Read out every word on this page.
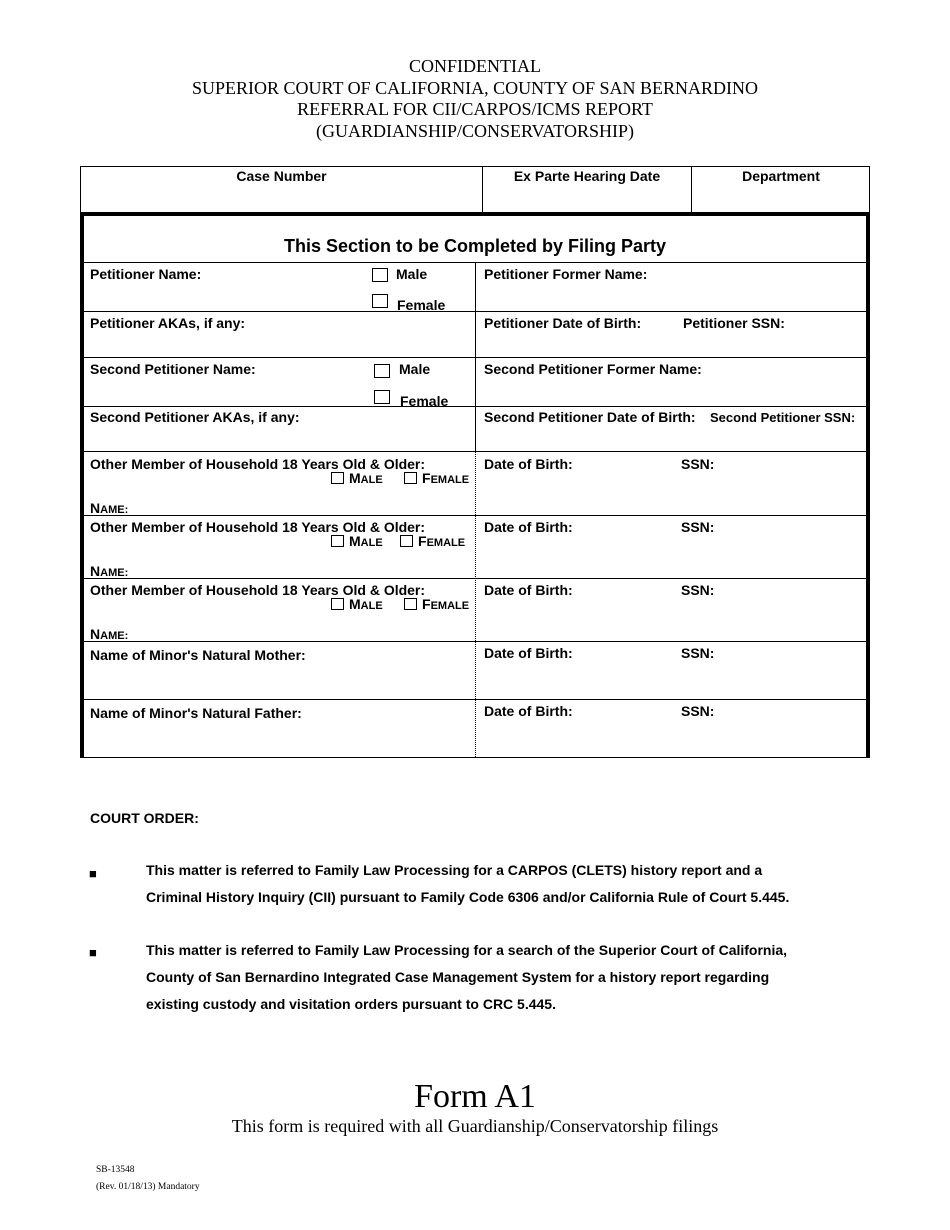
CONFIDENTIAL
SUPERIOR COURT OF CALIFORNIA, COUNTY OF SAN BERNARDINO
REFERRAL FOR CII/CARPOS/ICMS REPORT
(GUARDIANSHIP/CONSERVATORSHIP)
Case Number	Ex Parte Hearing Date	Department
This Section to be Completed by Filing Party
Petitioner Name:	Male
Female
Petitioner Former Name:
Petitioner AKAs, if any:	Petitioner Date of Birth:	Petitioner SSN:
Second Petitioner Name:	Male
Female
Second Petitioner Former Name:
Second Petitioner AKAs, if any:	Second Petitioner Date of Birth: Second Petitioner SSN:
Other Member of Household 18 Years Old & Older:
MALE	FEMALE
NAME:
Date of Birth:	SSN:
Other Member of Household 18 Years Old & Older:
MALE	FEMALE
NAME:
Date of Birth:	SSN:
Other Member of Household 18 Years Old & Older:
MALE	FEMALE
NAME:
Date of Birth:	SSN:
Name of Minor's Natural Mother:	Date of Birth:	SSN:
Name of Minor's Natural Father:	Date of Birth:	SSN:
COURT ORDER:
■	This matter is referred to Family Law Processing for a CARPOS (CLETS) history report and a
Criminal History Inquiry (CII) pursuant to Family Code 6306 and/or California Rule of Court 5.445.
■	This matter is referred to Family Law Processing for a search of the Superior Court of California,
County of San Bernardino Integrated Case Management System for a history report regarding
existing custody and visitation orders pursuant to CRC 5.445.
Form A1
This form is required with all Guardianship/Conservatorship filings
SB-13548
(Rev. 01/18/13) Mandatory
